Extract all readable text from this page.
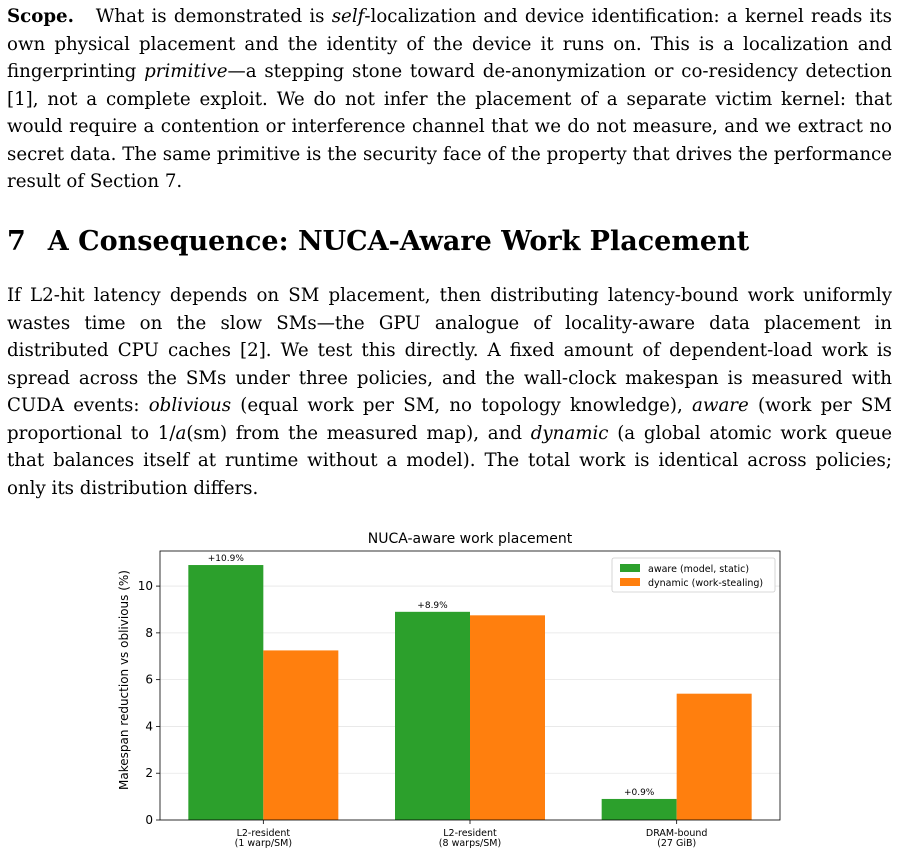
Scope. What is demonstrated is self-localization and device identification: a kernel reads its own physical placement and the identity of the device it runs on. This is a localization and fingerprinting primitive—a stepping stone toward de-anonymization or co-residency detection [1], not a complete exploit. We do not infer the placement of a separate victim kernel: that would require a contention or interference channel that we do not measure, and we extract no secret data. The same primitive is the security face of the property that drives the performance result of Section 7.

7 A Consequence: NUCA-Aware Work Placement

If L2-hit latency depends on SM placement, then distributing latency-bound work uniformly wastes time on the slow SMs—the GPU analogue of locality-aware data placement in distributed CPU caches [2]. We test this directly. A fixed amount of dependent-load work is spread across the SMs under three policies, and the wall-clock makespan is measured with CUDA events: oblivious (equal work per SM, no topology knowledge), aware (work per SM proportional to 1/a(sm) from the measured map), and dynamic (a global atomic work queue that balances itself at runtime without a model). The total work is identical across policies; only its distribution differs.

NUCA-aware work placement
Makespan reduction vs oblivious (%)
+10.9%
+8.9%
+0.9%
0
2
4
6
8
10
L2-resident
(1 warp/SM)
L2-resident
(8 warps/SM)
DRAM-bound
(27 GiB)
aware (model, static)
dynamic (work-stealing)
